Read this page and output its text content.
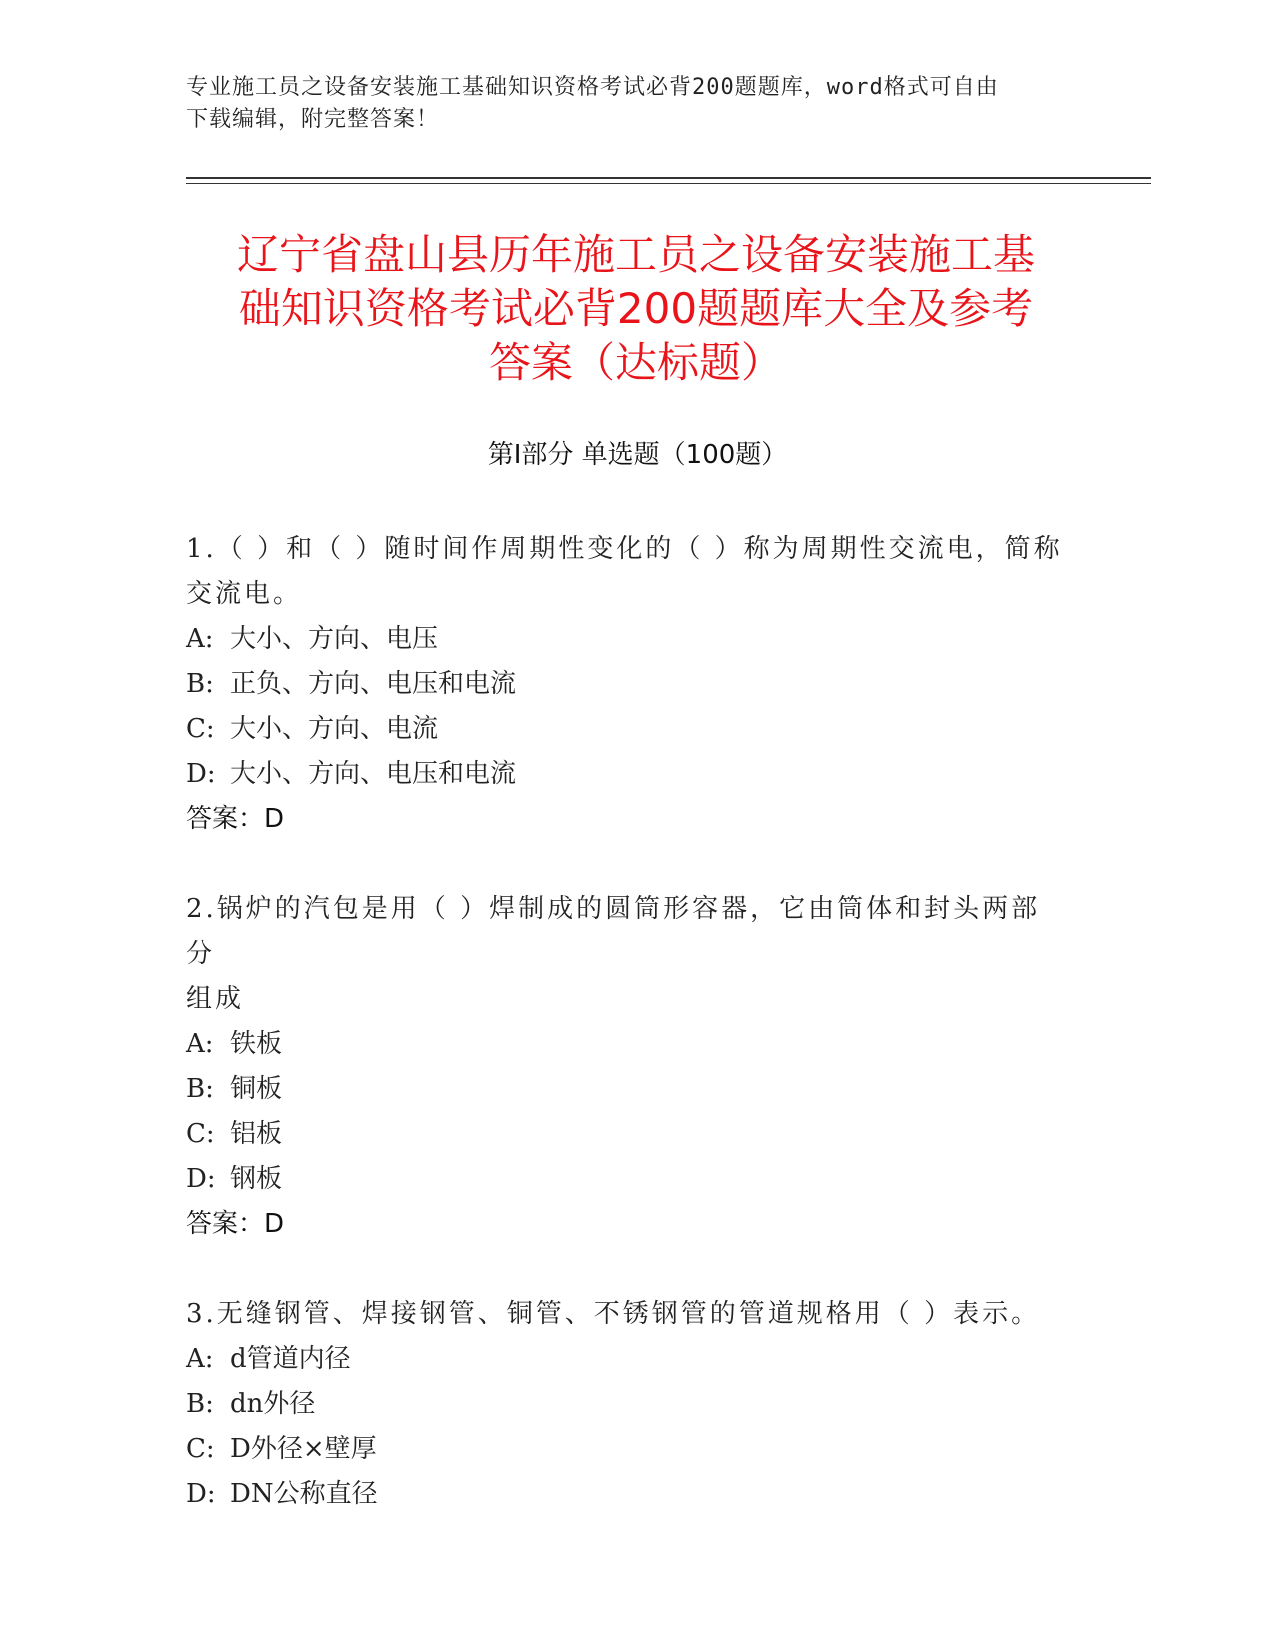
专业施工员之设备安装施工基础知识资格考试必背200题题库，word格式可自由
下载编辑，附完整答案！
辽宁省盘山县历年施工员之设备安装施工基
础知识资格考试必背200题题库大全及参考
答案（达标题）
第Ⅰ部分 单选题（100题）
1.（ ）和（ ）随时间作周期性变化的（ ）称为周期性交流电，简称
交流电。
A: 大小、方向、电压
B: 正负、方向、电压和电流
C: 大小、方向、电流
D: 大小、方向、电压和电流
答案：D
2.锅炉的汽包是用（ ）焊制成的圆筒形容器，它由筒体和封头两部分
组成
A: 铁板
B: 铜板
C: 铝板
D: 钢板
答案：D
3.无缝钢管、焊接钢管、铜管、不锈钢管的管道规格用（ ）表示。
A: d管道内径
B: dn外径
C: D外径×壁厚
D: DN公称直径
